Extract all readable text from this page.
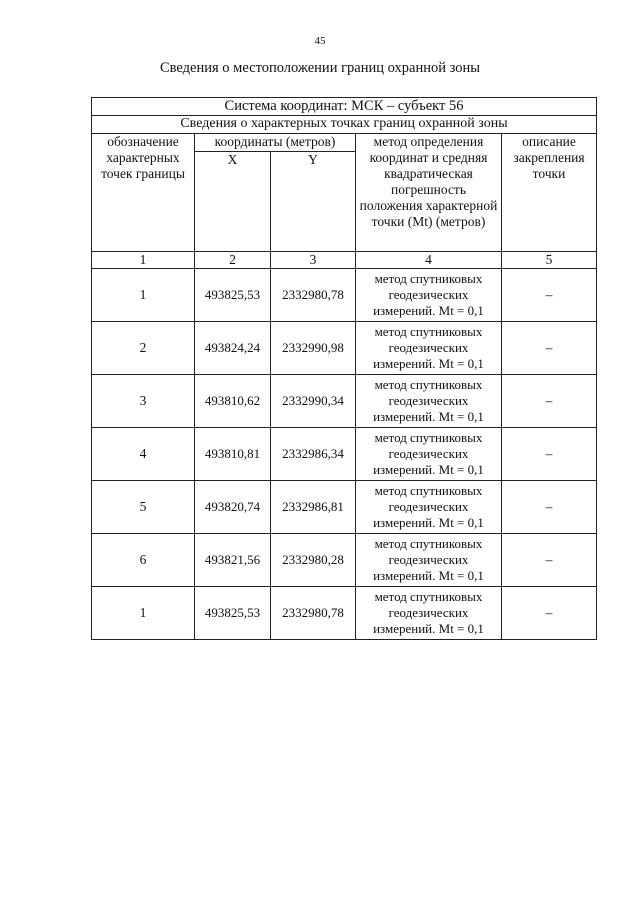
45
Сведения о местоположении границ охранной зоны
Система координат: МСК – субъект 56				
Сведения о характерных точках границ охранной зоны				
обозначение характерных точек границы	координаты (метров)		метод определения координат и средняя квадратическая погрешность положения характерной точки (Mt) (метров)	описание закрепления точки
	X	Y		
1	2	3	4	5
1	493825,53	2332980,78	метод спутниковых геодезических измерений. Mt = 0,1	–
2	493824,24	2332990,98	метод спутниковых геодезических измерений. Mt = 0,1	–
3	493810,62	2332990,34	метод спутниковых геодезических измерений. Mt = 0,1	–
4	493810,81	2332986,34	метод спутниковых геодезических измерений. Mt = 0,1	–
5	493820,74	2332986,81	метод спутниковых геодезических измерений. Mt = 0,1	–
6	493821,56	2332980,28	метод спутниковых геодезических измерений. Mt = 0,1	–
1	493825,53	2332980,78	метод спутниковых геодезических измерений. Mt = 0,1	–
